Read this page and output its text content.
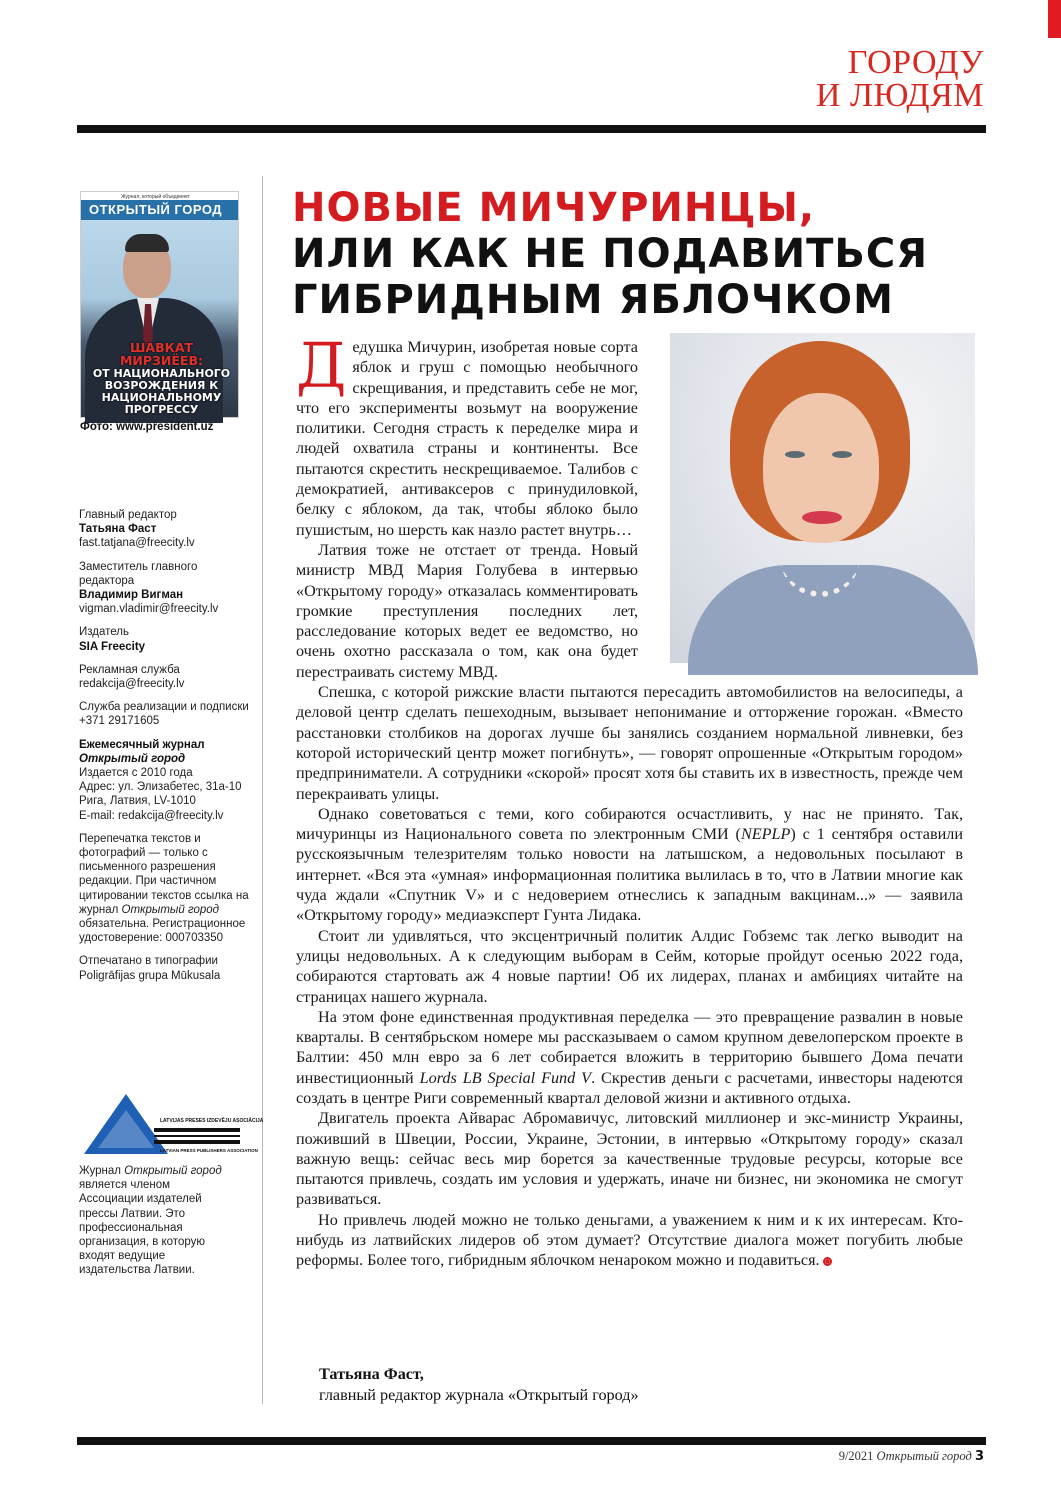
ГОРОДУ
И ЛЮДЯМ
Журнал, который объединяет
ОТКРЫТЫЙ ГОРОД
ШАВКАТ МИРЗИЁЕВ:
ОТ НАЦИОНАЛЬНОГО ВОЗРОЖДЕНИЯ К НАЦИОНАЛЬНОМУ ПРОГРЕССУ
Фото: www.president.uz

Главный редактор
Татьяна Фаст
fast.tatjana@freecity.lv

Заместитель главного редактора
Владимир Вигман
vigman.vladimir@freecity.lv

Издатель
SIA Freecity

Рекламная служба
redakcija@freecity.lv

Служба реализации и подписки
+371 29171605

Ежемесячный журнал
Открытый город
Издается с 2010 года
Адрес: ул. Элизабетес, 31а-10 Рига, Латвия, LV-1010
E-mail: redakcija@freecity.lv

Перепечатка текстов и фотографий — только с письменного разрешения редакции. При частичном цитировании текстов ссылка на журнал Открытый город обязательна. Регистрационное удостоверение: 000703350

Отпечатано в типографии Poligrāfijas grupa Mūkusala

LATVIJAS PRESES IZDEVĒJU ASOCIĀCIJA
LATVIAN PRESS PUBLISHERS ASSOCIATION
Журнал Открытый город является членом Ассоциации издателей прессы Латвии. Это профессиональная организация, в которую входят ведущие издательства Латвии.
НОВЫЕ МИЧУРИНЦЫ,
ИЛИ КАК НЕ ПОДАВИТЬСЯ
ГИБРИДНЫМ ЯБЛОЧКОМ

Дедушка Мичурин, изобретая новые сорта яблок и груш с помощью необычного скрещивания, и представить себе не мог, что его эксперименты возьмут на вооружение политики. Сегодня страсть к переделке мира и людей охватила страны и континенты. Все пытаются скрестить нескрещиваемое. Талибов с демократией, антиваксеров с принудиловкой, белку с яблоком, да так, чтобы яблоко было пушистым, но шерсть как назло растет внутрь…

Латвия тоже не отстает от тренда. Новый министр МВД Мария Голубева в интервью «Открытому городу» отказалась комментировать громкие преступления последних лет, расследование которых ведет ее ведомство, но очень охотно рассказала о том, как она будет перестраивать систему МВД.

Спешка, с которой рижские власти пытаются пересадить автомобилистов на велосипеды, а деловой центр сделать пешеходным, вызывает непонимание и отторжение горожан. «Вместо расстановки столбиков на дорогах лучше бы занялись созданием нормальной ливневки, без которой исторический центр может погибнуть», — говорят опрошенные «Открытым городом» предприниматели. А сотрудники «скорой» просят хотя бы ставить их в известность, прежде чем перекраивать улицы.

Однако советоваться с теми, кого собираются осчастливить, у нас не принято. Так, мичуринцы из Национального совета по электронным СМИ (NEPLP) с 1 сентября оставили русскоязычным телезрителям только новости на латышском, а недовольных посылают в интернет. «Вся эта «умная» информационная политика вылилась в то, что в Латвии многие как чуда ждали «Спутник V» и с недоверием отнеслись к западным вакцинам...» — заявила «Открытому городу» медиаэксперт Гунта Лидака.

Стоит ли удивляться, что эксцентричный политик Алдис Гобземс так легко выводит на улицы недовольных. А к следующим выборам в Сейм, которые пройдут осенью 2022 года, собираются стартовать аж 4 новые партии! Об их лидерах, планах и амбициях читайте на страницах нашего журнала.

На этом фоне единственная продуктивная переделка — это превращение развалин в новые кварталы. В сентябрьском номере мы рассказываем о самом крупном девелоперском проекте в Балтии: 450 млн евро за 6 лет собирается вложить в территорию бывшего Дома печати инвестиционный Lords LB Special Fund V. Скрестив деньги с расчетами, инвесторы надеются создать в центре Риги современный квартал деловой жизни и активного отдыха.

Двигатель проекта Айварас Абромавичус, литовский миллионер и экс-министр Украины, поживший в Швеции, России, Украине, Эстонии, в интервью «Открытому городу» сказал важную вещь: сейчас весь мир борется за качественные трудовые ресурсы, которые все пытаются привлечь, создать им условия и удержать, иначе ни бизнес, ни экономика не смогут развиваться.

Но привлечь людей можно не только деньгами, а уважением к ним и к их интересам. Кто-нибудь из латвийских лидеров об этом думает? Отсутствие диалога может погубить любые реформы. Более того, гибридным яблочком ненароком можно и подавиться.

Татьяна Фаст,
главный редактор журнала «Открытый город»
9/2021 Открытый город 3
